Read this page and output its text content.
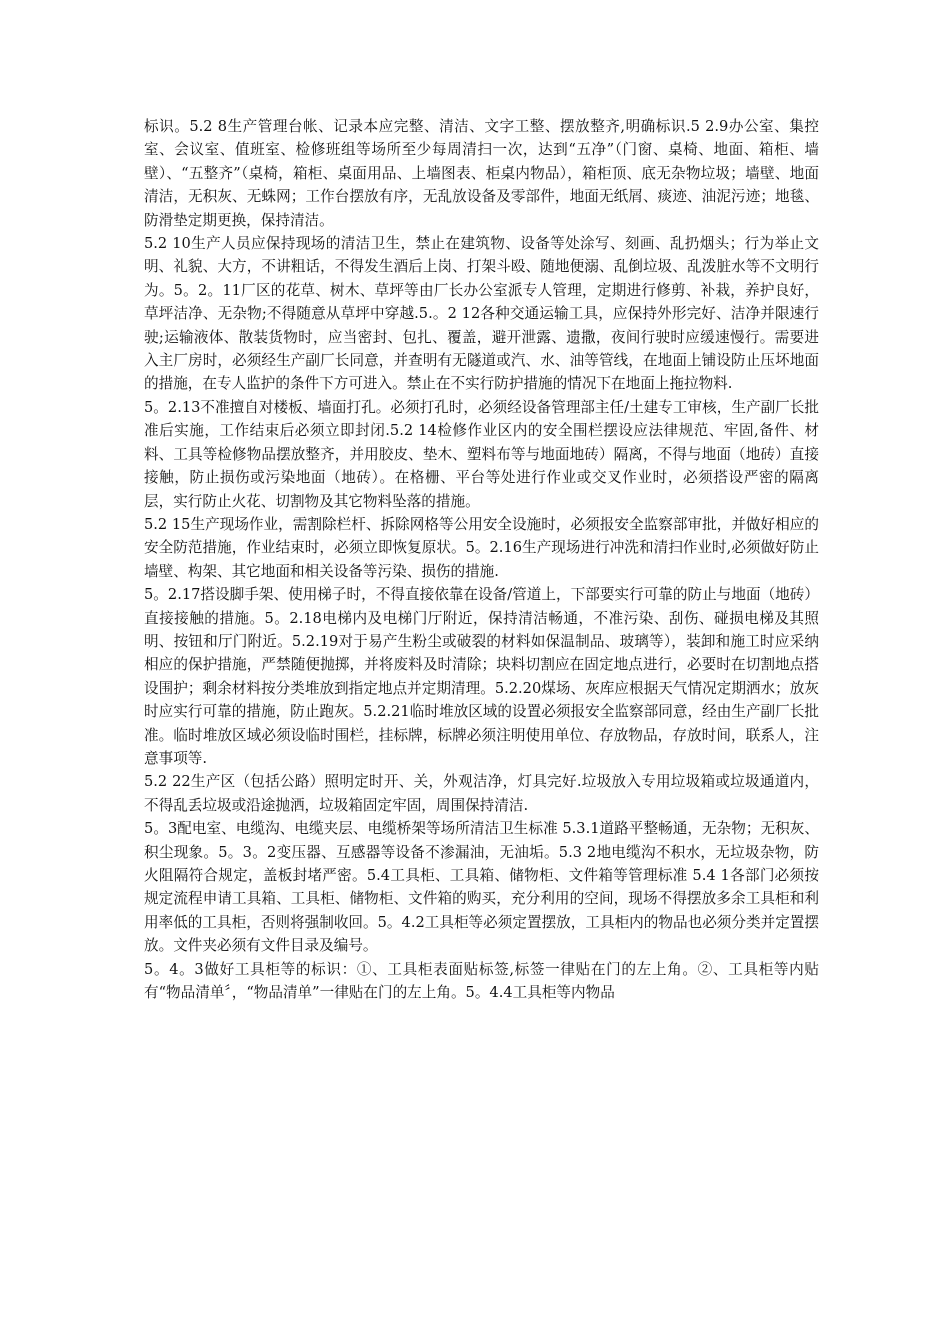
标识。5.2 8生产管理台帐、记录本应完整、清洁、文字工整、摆放整齐,明确标识.5 2.9办公室、集控室、会议室、值班室、检修班组等场所至少每周清扫一次，达到“五净”（门窗、桌椅、地面、箱柜、墙壁）、“五整齐”（桌椅，箱柜、桌面用品、上墙图表、柜桌内物品），箱柜顶、底无杂物垃圾；墙壁、地面清洁，无积灰、无蛛网；工作台摆放有序，无乱放设备及零部件，地面无纸屑、痰迹、油泥污迹；地毯、防滑垫定期更换，保持清洁。

5.2 10生产人员应保持现场的清洁卫生，禁止在建筑物、设备等处涂写、刻画、乱扔烟头；行为举止文明、礼貌、大方，不讲粗话，不得发生酒后上岗、打架斗殴、随地便溺、乱倒垃圾、乱泼脏水等不文明行为。5。2。11厂区的花草、树木、草坪等由厂长办公室派专人管理，定期进行修剪、补栽，养护良好，草坪洁净、无杂物;不得随意从草坪中穿越.5.。2 12各种交通运输工具，应保持外形完好、洁净并限速行驶;运输液体、散装货物时，应当密封、包扎、覆盖，避开泄露、遗撒，夜间行驶时应缓速慢行。需要进入主厂房时，必须经生产副厂长同意，并查明有无隧道或汽、水、油等管线，在地面上铺设防止压坏地面的措施，在专人监护的条件下方可进入。禁止在不实行防护措施的情况下在地面上拖拉物料.

5。2.13不准擅自对楼板、墙面打孔。必须打孔时，必须经设备管理部主任/土建专工审核，生产副厂长批准后实施，工作结束后必须立即封闭.5.2 14检修作业区内的安全围栏摆设应法律规范、牢固,备件、材料、工具等检修物品摆放整齐，并用胶皮、垫木、塑料布等与地面地砖）隔离，不得与地面（地砖）直接接触，防止损伤或污染地面（地砖）。在格栅、平台等处进行作业或交叉作业时，必须搭设严密的隔离层，实行防止火花、切割物及其它物料坠落的措施。

5.2 15生产现场作业，需割除栏杆、拆除网格等公用安全设施时，必须报安全监察部审批，并做好相应的安全防范措施，作业结束时，必须立即恢复原状。5。2.16生产现场进行冲洗和清扫作业时,必须做好防止墙壁、构架、其它地面和相关设备等污染、损伤的措施.

5。2.17搭设脚手架、使用梯子时，不得直接依靠在设备/管道上，下部要实行可靠的防止与地面（地砖）直接接触的措施。5。2.18电梯内及电梯门厅附近，保持清洁畅通，不准污染、刮伤、碰损电梯及其照明、按钮和厅门附近。5.2.19对于易产生粉尘或破裂的材料如保温制品、玻璃等），装卸和施工时应采纳相应的保护措施，严禁随便抛掷，并将废料及时清除；块料切割应在固定地点进行，必要时在切割地点搭设围护；剩余材料按分类堆放到指定地点并定期清理。5.2.20煤场、灰库应根据天气情况定期洒水；放灰时应实行可靠的措施，防止跑灰。5.2.21临时堆放区域的设置必须报安全监察部同意，经由生产副厂长批准。临时堆放区域必须设临时围栏，挂标牌，标牌必须注明使用单位、存放物品，存放时间，联系人，注意事项等.

5.2 22生产区（包括公路）照明定时开、关，外观洁净，灯具完好.垃圾放入专用垃圾箱或垃圾通道内，不得乱丢垃圾或沿途抛洒，垃圾箱固定牢固，周围保持清洁.

5。3配电室、电缆沟、电缆夹层、电缆桥架等场所清洁卫生标准 5.3.1道路平整畅通，无杂物；无积灰、积尘现象。5。3。2变压器、互感器等设备不渗漏油，无油垢。5.3 2地电缆沟不积水，无垃圾杂物，防火阻隔符合规定，盖板封堵严密。5.4工具柜、工具箱、储物柜、文件箱等管理标准 5.4 1各部门必须按规定流程申请工具箱、工具柜、储物柜、文件箱的购买，充分利用的空间，现场不得摆放多余工具柜和利用率低的工具柜，否则将强制收回。5。4.2工具柜等必须定置摆放，工具柜内的物品也必须分类并定置摆放。文件夹必须有文件目录及编号。

5。4。3做好工具柜等的标识：①、工具柜表面贴标签,标签一律贴在门的左上角。②、工具柜等内贴有“物品清单〞，“物品清单”一律贴在门的左上角。5。4.4工具柜等内物品
